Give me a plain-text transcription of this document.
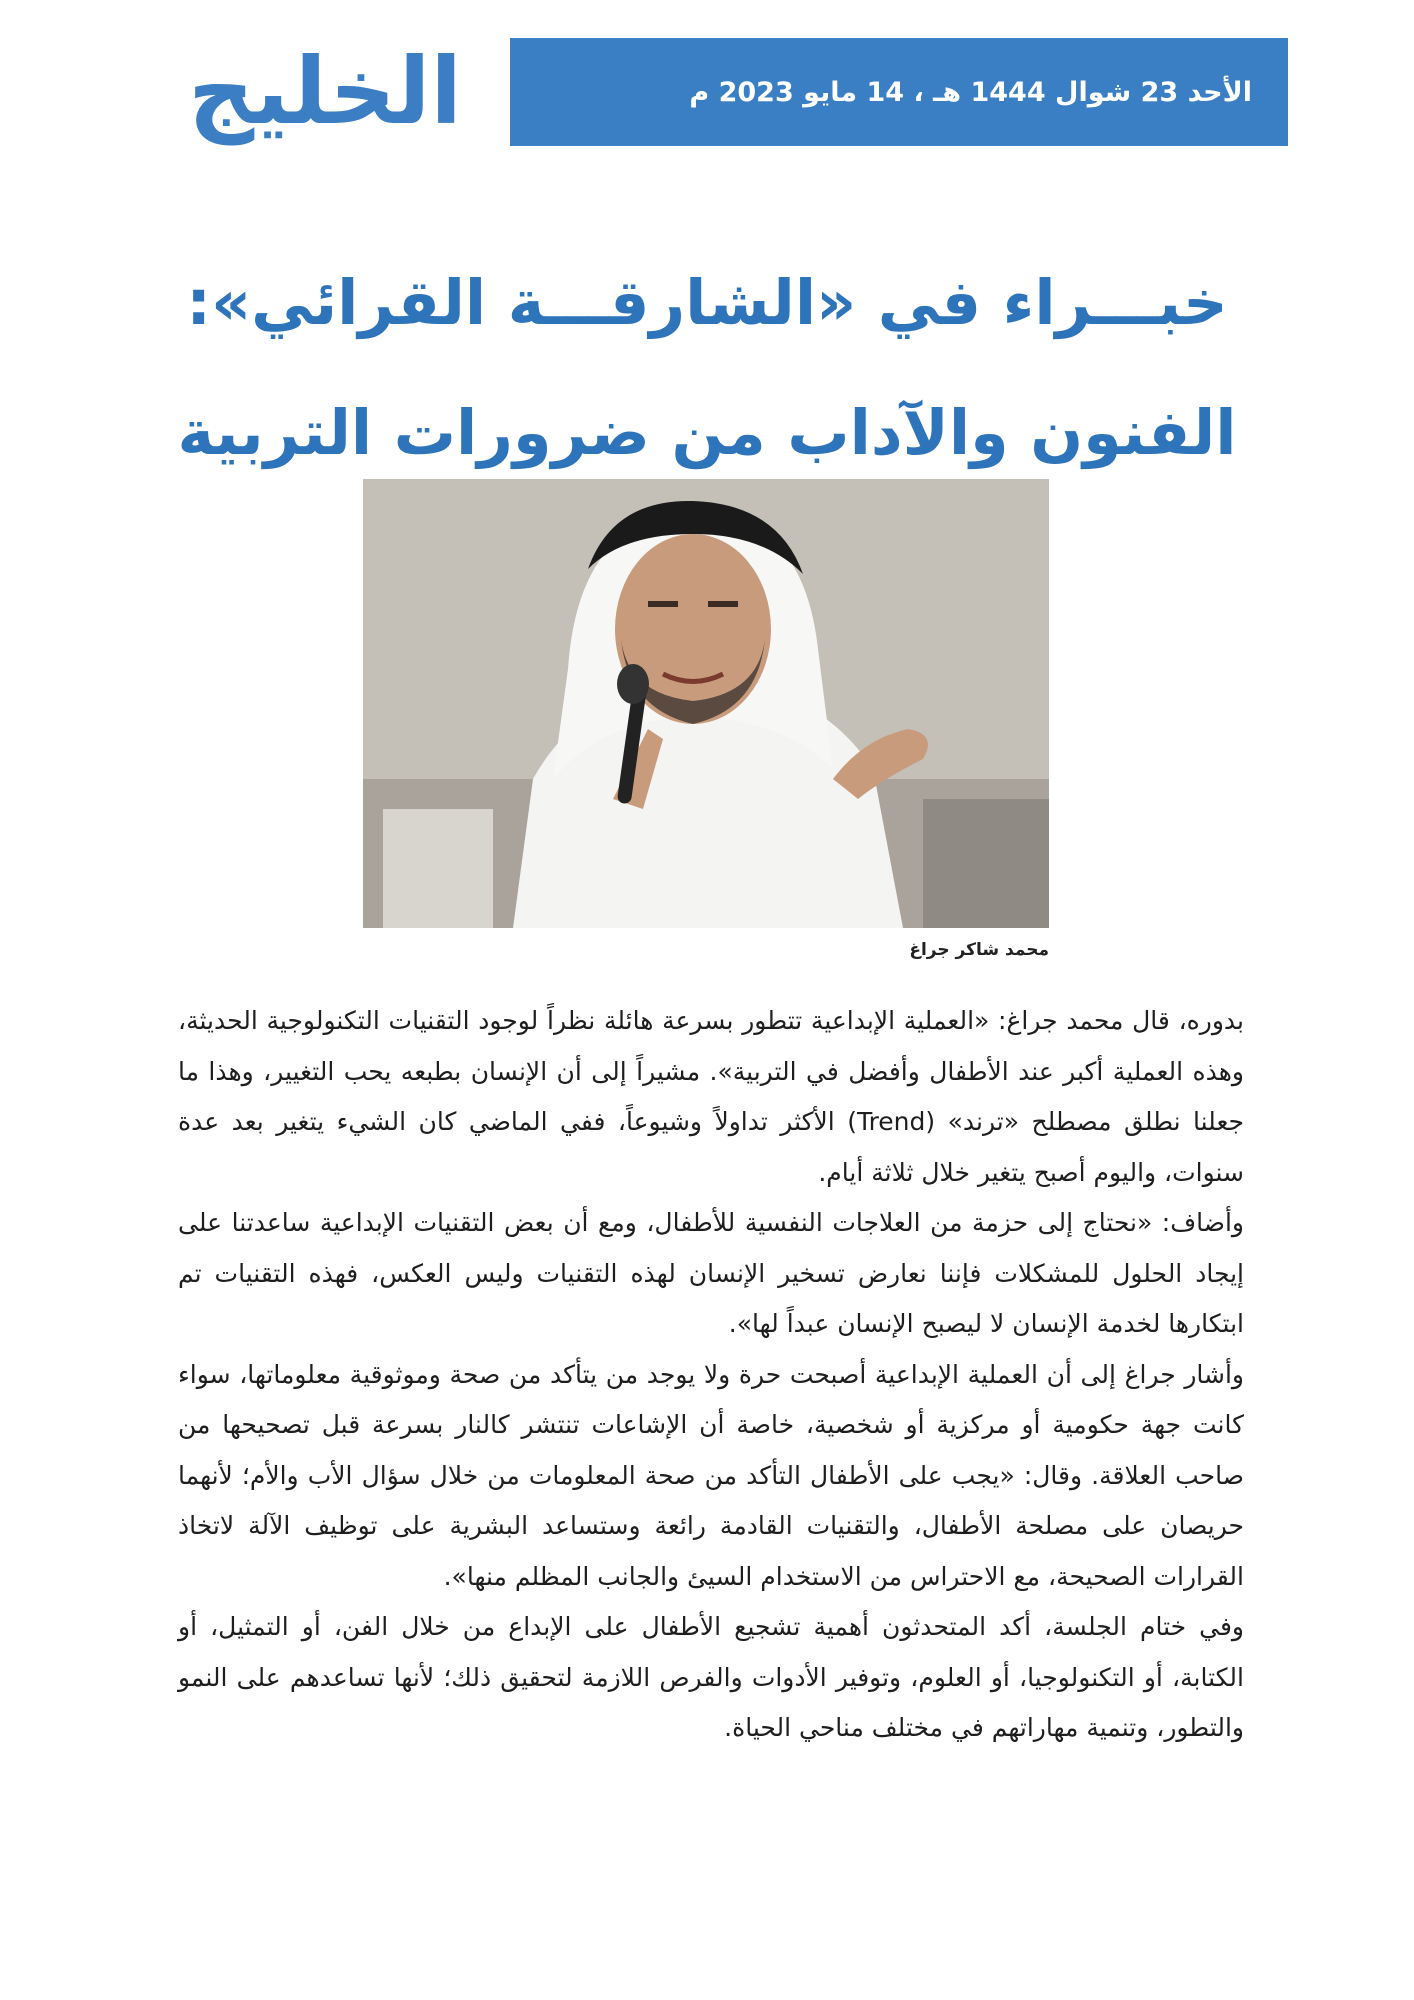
الخليج	الأحد 23 شوال 1444 هـ ، 14 مايو 2023 م
خبـــراء في «الشارقـــة القرائي»:
الفنون والآداب من ضرورات التربية
محمد شاكر جراغ

بدوره، قال محمد جراغ: «العملية الإبداعية تتطور بسرعة هائلة نظراً لوجود التقنيات التكنولوجية الحديثة، وهذه العملية أكبر عند الأطفال وأفضل في التربية». مشيراً إلى أن الإنسان بطبعه يحب التغيير، وهذا ما جعلنا نطلق مصطلح «ترند» (Trend) الأكثر تداولاً وشيوعاً، ففي الماضي كان الشيء يتغير بعد عدة سنوات، واليوم أصبح يتغير خلال ثلاثة أيام.

وأضاف: «نحتاج إلى حزمة من العلاجات النفسية للأطفال، ومع أن بعض التقنيات الإبداعية ساعدتنا على إيجاد الحلول للمشكلات فإننا نعارض تسخير الإنسان لهذه التقنيات وليس العكس، فهذه التقنيات تم ابتكارها لخدمة الإنسان لا ليصبح الإنسان عبداً لها».

وأشار جراغ إلى أن العملية الإبداعية أصبحت حرة ولا يوجد من يتأكد من صحة وموثوقية معلوماتها، سواء كانت جهة حكومية أو مركزية أو شخصية، خاصة أن الإشاعات تنتشر كالنار بسرعة قبل تصحيحها من صاحب العلاقة. وقال: «يجب على الأطفال التأكد من صحة المعلومات من خلال سؤال الأب والأم؛ لأنهما حريصان على مصلحة الأطفال، والتقنيات القادمة رائعة وستساعد البشرية على توظيف الآلة لاتخاذ القرارات الصحيحة، مع الاحتراس من الاستخدام السيئ والجانب المظلم منها».

وفي ختام الجلسة، أكد المتحدثون أهمية تشجيع الأطفال على الإبداع من خلال الفن، أو التمثيل، أو الكتابة، أو التكنولوجيا، أو العلوم، وتوفير الأدوات والفرص اللازمة لتحقيق ذلك؛ لأنها تساعدهم على النمو والتطور، وتنمية مهاراتهم في مختلف مناحي الحياة.
